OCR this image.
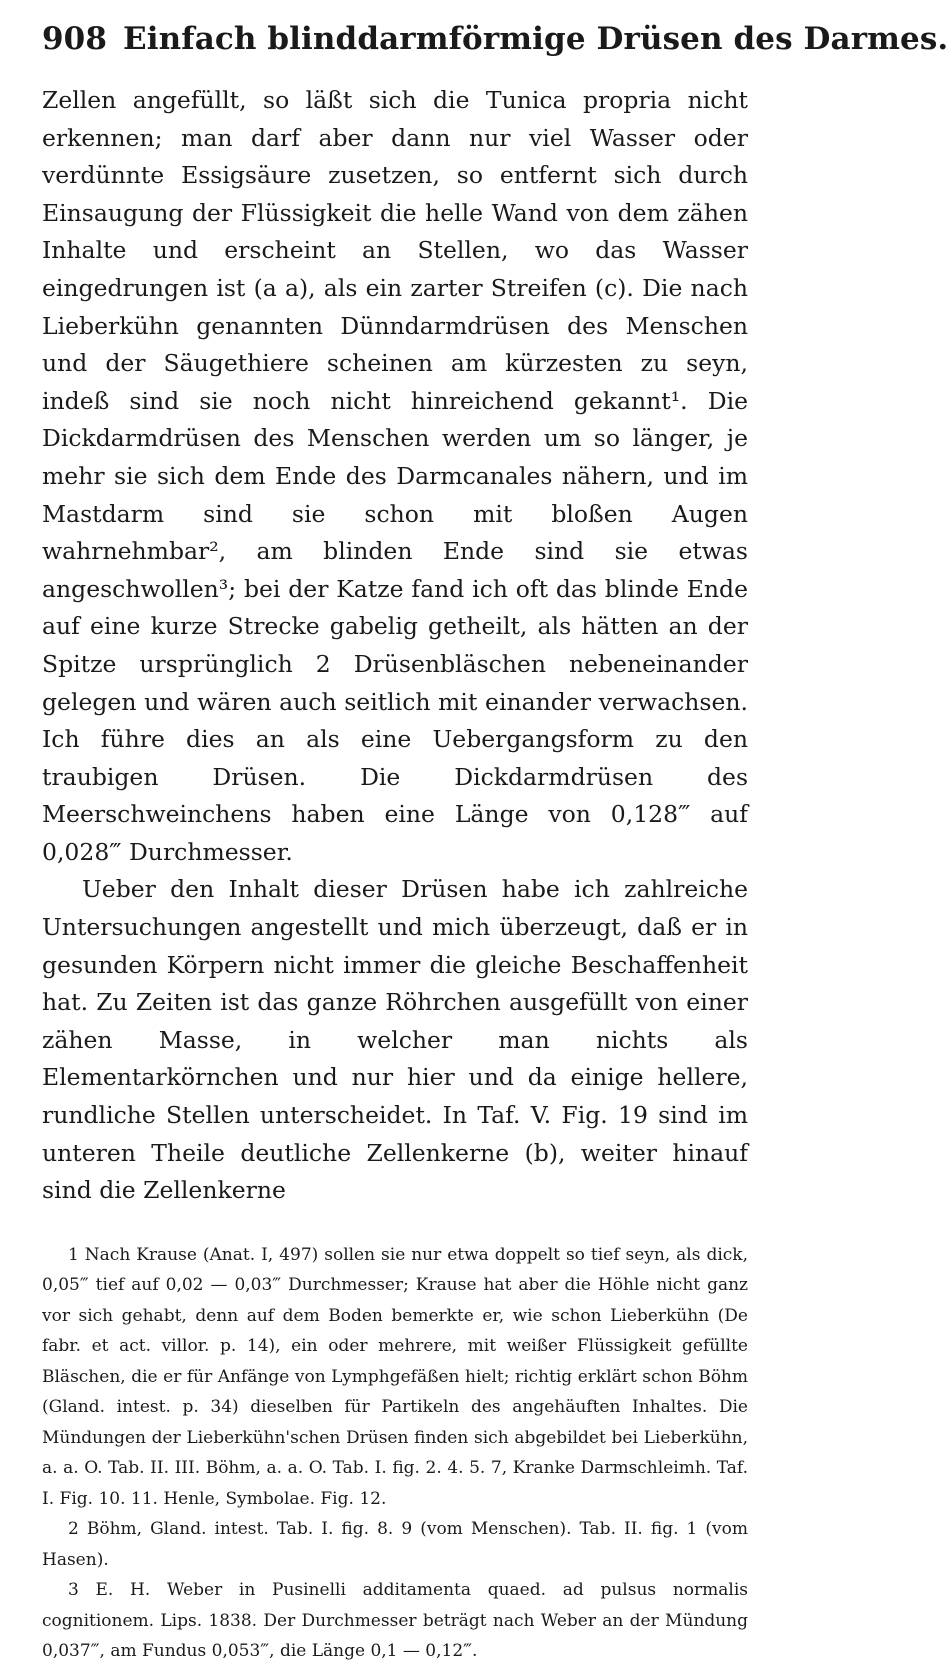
908 Einfach blinddarmförmige Drüsen des Darmes.

Zellen angefüllt, so läßt sich die Tunica propria nicht erkennen; man darf aber dann nur viel Wasser oder verdünnte Essigsäure zusetzen, so entfernt sich durch Einsaugung der Flüssigkeit die helle Wand von dem zähen Inhalte und erscheint an Stellen, wo das Wasser eingedrungen ist (a a), als ein zarter Streifen (c). Die nach Lieberkühn genannten Dünndarmdrüsen des Menschen und der Säugethiere scheinen am kürzesten zu seyn, indeß sind sie noch nicht hinreichend gekannt¹. Die Dickdarmdrüsen des Menschen werden um so länger, je mehr sie sich dem Ende des Darmcanales nähern, und im Mastdarm sind sie schon mit bloßen Augen wahrnehmbar², am blinden Ende sind sie etwas angeschwollen³; bei der Katze fand ich oft das blinde Ende auf eine kurze Strecke gabelig getheilt, als hätten an der Spitze ursprünglich 2 Drüsenbläschen nebeneinander gelegen und wären auch seitlich mit einander verwachsen. Ich führe dies an als eine Uebergangsform zu den traubigen Drüsen. Die Dickdarmdrüsen des Meerschweinchens haben eine Länge von 0,128‴ auf 0,028‴ Durchmesser.

Ueber den Inhalt dieser Drüsen habe ich zahlreiche Untersuchungen angestellt und mich überzeugt, daß er in gesunden Körpern nicht immer die gleiche Beschaffenheit hat. Zu Zeiten ist das ganze Röhrchen ausgefüllt von einer zähen Masse, in welcher man nichts als Elementarkörnchen und nur hier und da einige hellere, rundliche Stellen unterscheidet. In Taf. V. Fig. 19 sind im unteren Theile deutliche Zellenkerne (b), weiter hinauf sind die Zellenkerne

1 Nach Krause (Anat. I, 497) sollen sie nur etwa doppelt so tief seyn, als dick, 0,05‴ tief auf 0,02 — 0,03‴ Durchmesser; Krause hat aber die Höhle nicht ganz vor sich gehabt, denn auf dem Boden bemerkte er, wie schon Lieberkühn (De fabr. et act. villor. p. 14), ein oder mehrere, mit weißer Flüssigkeit gefüllte Bläschen, die er für Anfänge von Lymphgefäßen hielt; richtig erklärt schon Böhm (Gland. intest. p. 34) dieselben für Partikeln des angehäuften Inhaltes. Die Mündungen der Lieberkühn'schen Drüsen finden sich abgebildet bei Lieberkühn, a. a. O. Tab. II. III. Böhm, a. a. O. Tab. I. fig. 2. 4. 5. 7, Kranke Darmschleimh. Taf. I. Fig. 10. 11. Henle, Symbolae. Fig. 12.

2 Böhm, Gland. intest. Tab. I. fig. 8. 9 (vom Menschen). Tab. II. fig. 1 (vom Hasen).

3 E. H. Weber in Pusinelli additamenta quaed. ad pulsus normalis cognitionem. Lips. 1838. Der Durchmesser beträgt nach Weber an der Mündung 0,037‴, am Fundus 0,053‴, die Länge 0,1 — 0,12‴.
